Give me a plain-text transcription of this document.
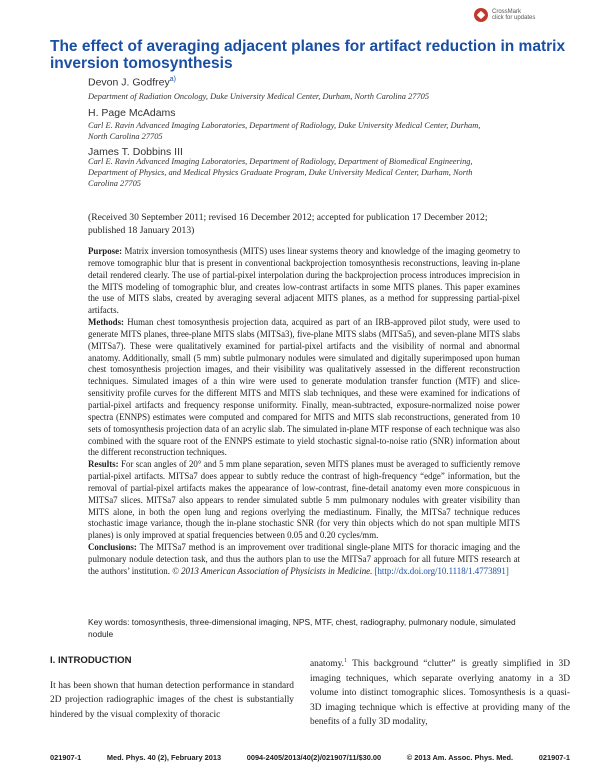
CrossMark
click for updates
The effect of averaging adjacent planes for artifact reduction in matrix inversion tomosynthesis
Devon J. Godfrey$^{a)}$
Department of Radiation Oncology, Duke University Medical Center, Durham, North Carolina 27705
H. Page McAdams
Carl E. Ravin Advanced Imaging Laboratories, Department of Radiology, Duke University Medical Center, Durham, North Carolina 27705
James T. Dobbins III
Carl E. Ravin Advanced Imaging Laboratories, Department of Radiology, Department of Biomedical Engineering, Department of Physics, and Medical Physics Graduate Program, Duke University Medical Center, Durham, North Carolina 27705
(Received 30 September 2011; revised 16 December 2012; accepted for publication 17 December 2012; published 18 January 2013)
Purpose: Matrix inversion tomosynthesis (MITS) uses linear systems theory and knowledge of the imaging geometry to remove tomographic blur that is present in conventional backprojection tomosynthesis reconstructions, leaving in-plane detail rendered clearly. The use of partial-pixel interpolation during the backprojection process introduces imprecision in the MITS modeling of tomographic blur, and creates low-contrast artifacts in some MITS planes. This paper examines the use of MITS slabs, created by averaging several adjacent MITS planes, as a method for suppressing partial-pixel artifacts.
Methods: Human chest tomosynthesis projection data, acquired as part of an IRB-approved pilot study, were used to generate MITS planes, three-plane MITS slabs (MITSa3), five-plane MITS slabs (MITSa5), and seven-plane MITS slabs (MITSa7). These were qualitatively examined for partial-pixel artifacts and the visibility of normal and abnormal anatomy. Additionally, small (5 mm) subtle pulmonary nodules were simulated and digitally superimposed upon human chest tomosynthesis projection images, and their visibility was qualitatively assessed in the different reconstruction techniques. Simulated images of a thin wire were used to generate modulation transfer function (MTF) and slice-sensitivity profile curves for the different MITS and MITS slab techniques, and these were examined for indications of partial-pixel artifacts and frequency response uniformity. Finally, mean-subtracted, exposure-normalized noise power spectra (ENNPS) estimates were computed and compared for MITS and MITS slab reconstructions, generated from 10 sets of tomosynthesis projection data of an acrylic slab. The simulated in-plane MTF response of each technique was also combined with the square root of the ENNPS estimate to yield stochastic signal-to-noise ratio (SNR) information about the different reconstruction techniques.
Results: For scan angles of 20° and 5 mm plane separation, seven MITS planes must be averaged to sufficiently remove partial-pixel artifacts. MITSa7 does appear to subtly reduce the contrast of high-frequency “edge” information, but the removal of partial-pixel artifacts makes the appearance of low-contrast, fine-detail anatomy even more conspicuous in MITSa7 slices. MITSa7 also appears to render simulated subtle 5 mm pulmonary nodules with greater visibility than MITS alone, in both the open lung and regions overlying the mediastinum. Finally, the MITSa7 technique reduces stochastic image variance, though the in-plane stochastic SNR (for very thin objects which do not span multiple MITS planes) is only improved at spatial frequencies between 0.05 and 0.20 cycles/mm.
Conclusions: The MITSa7 method is an improvement over traditional single-plane MITS for thoracic imaging and the pulmonary nodule detection task, and thus the authors plan to use the MITSa7 approach for all future MITS research at the authors’ institution. © 2013 American Association of Physicists in Medicine. [http://dx.doi.org/10.1118/1.4773891]
Key words: tomosynthesis, three-dimensional imaging, NPS, MTF, chest, radiography, pulmonary nodule, simulated nodule
I. INTRODUCTION
It has been shown that human detection performance in standard 2D projection radiographic images of the chest is substantially hindered by the visual complexity of thoracic
anatomy.$^1$ This background “clutter” is greatly simplified in 3D imaging techniques, which separate overlying anatomy in a 3D volume into distinct tomographic slices. Tomosynthesis is a quasi-3D imaging technique which is effective at providing many of the benefits of a fully 3D modality,
021907-1	Med. Phys. 40 (2), February 2013	0094-2405/2013/40(2)/021907/11/$30.00	© 2013 Am. Assoc. Phys. Med.	021907-1
